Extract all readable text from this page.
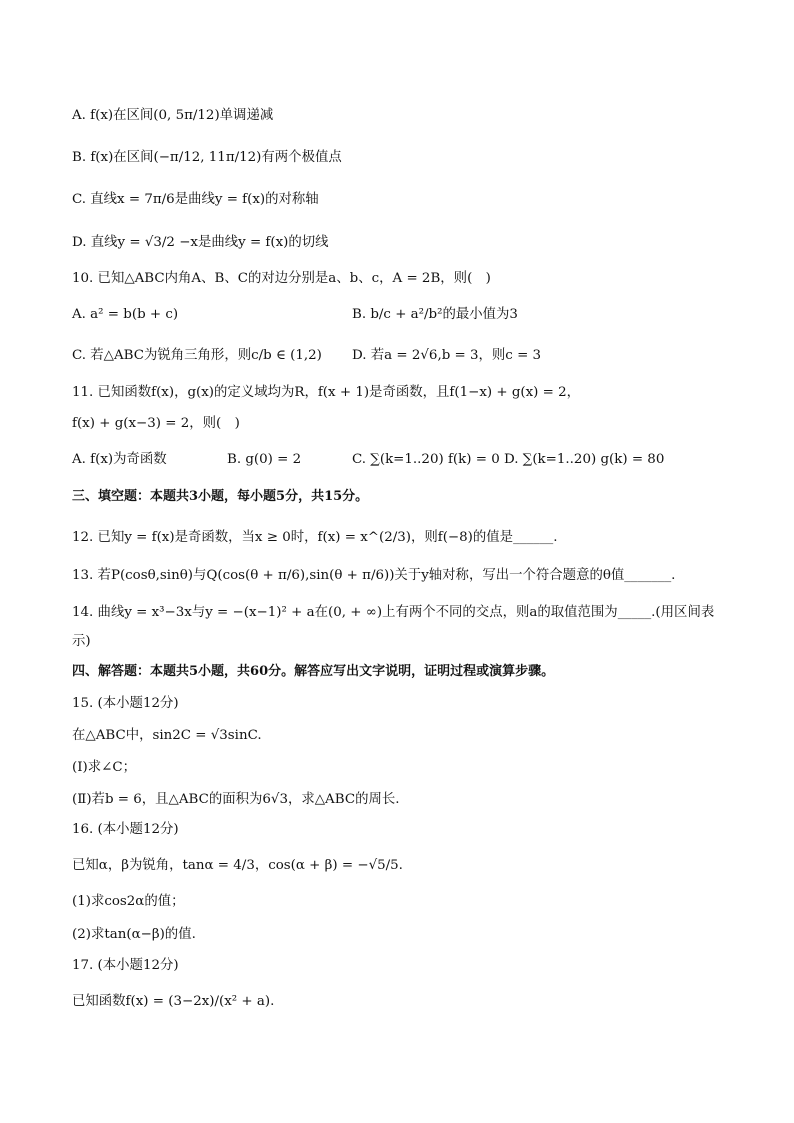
A. f(x)在区间(0, 5π/12)单调递减
B. f(x)在区间(−π/12, 11π/12)有两个极值点
C. 直线x = 7π/6是曲线y = f(x)的对称轴
D. 直线y = √3/2 −x是曲线y = f(x)的切线
10. 已知△ABC内角A、B、C的对边分别是a、b、c，A = 2B，则(　)
A. a² = b(b + c)	B. b/c + a²/b²的最小值为3
C. 若△ABC为锐角三角形，则c/b ∈ (1,2) D. 若a = 2√6,b = 3，则c = 3
11. 已知函数f(x)，g(x)的定义域均为R，f(x + 1)是奇函数，且f(1−x) + g(x) = 2，
f(x) + g(x−3) = 2，则(　)
A. f(x)为奇函数	B. g(0) = 2	C. ∑(k=1..20) f(k) = 0 D. ∑(k=1..20) g(k) = 80
三、填空题：本题共3小题，每小题5分，共15分。
12. 已知y = f(x)是奇函数，当x ≥ 0时，f(x) = x^(2/3)，则f(−8)的值是______.
13. 若P(cosθ,sinθ)与Q(cos(θ + π/6),sin(θ + π/6))关于y轴对称，写出一个符合题意的θ值_______.
14. 曲线y = x³−3x与y = −(x−1)² + a在(0, + ∞)上有两个不同的交点，则a的取值范围为_____.(用区间表
示)
四、解答题：本题共5小题，共60分。解答应写出文字说明，证明过程或演算步骤。
15. (本小题12分)
在△ABC中，sin2C = √3sinC.
(Ⅰ)求∠C；
(Ⅱ)若b = 6，且△ABC的面积为6√3，求△ABC的周长.
16. (本小题12分)
已知α，β为锐角，tanα = 4/3，cos(α + β) = −√5/5.
(1)求cos2α的值；
(2)求tan(α−β)的值.
17. (本小题12分)
已知函数f(x) = (3−2x)/(x² + a).
